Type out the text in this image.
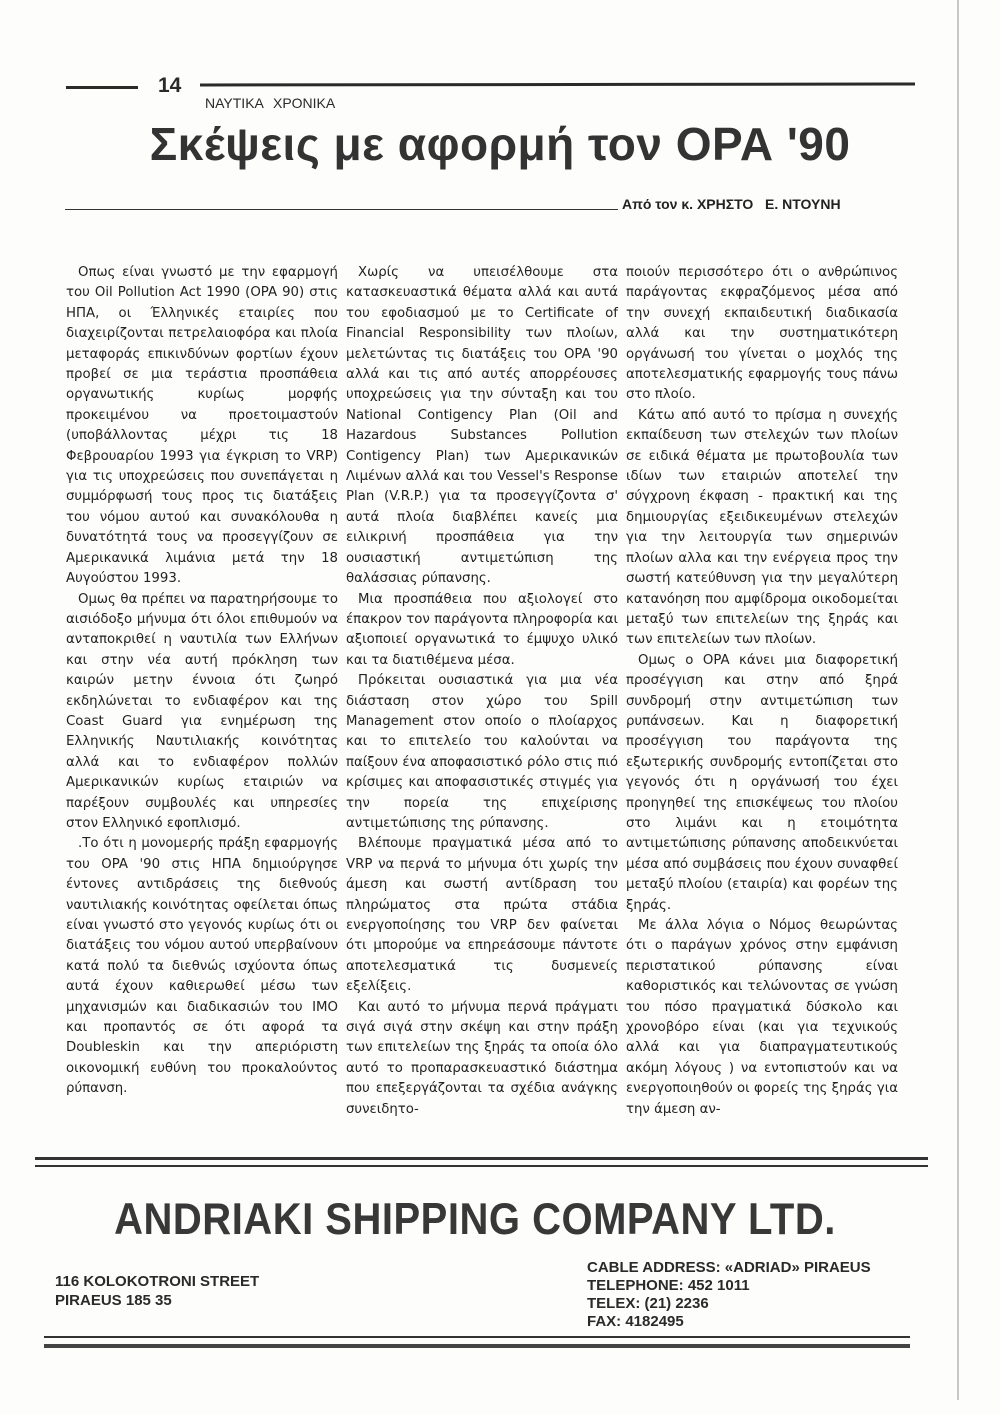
14
ΝΑΥΤΙΚΑ ΧΡΟΝΙΚΑ
Σκέψεις με αφορμή τον ΟΡΑ '90
Από τον κ. ΧΡΗΣΤΟ   Ε. ΝΤΟΥΝΗ

Οπως είναι γνωστό με την εφαρμογή του Oil Pollution Act 1990 (OPA 90) στις ΗΠΑ, οι Έλληνικές εταιρίες που διαχειρίζονται πετρελαιοφόρα και πλοία μεταφοράς επικινδύνων φορτίων έχουν προβεί σε μια τεράστια προσπάθεια οργανωτικής κυρίως μορφής προκειμένου να προετοιμαστούν (υποβάλλοντας μέχρι τις 18 Φεβρουαρίου 1993 για έγκριση το VRP) για τις υποχρεώσεις που συνεπάγεται η συμμόρφωσή τους προς τις διατάξεις του νόμου αυτού και συνακόλουθα η δυνατότητά τους να προσεγγίζουν σε Αμερικανικά λιμάνια μετά την 18 Αυγούστου 1993.

Ομως θα πρέπει να παρατηρήσουμε το αισιόδοξο μήνυμα ότι όλοι επιθυμούν να ανταποκριθεί η ναυτιλία των Ελλήνων και στην νέα αυτή πρόκληση των καιρών μετην έννοια ότι ζωηρό εκδηλώνεται το ενδιαφέρον και της Coast Guard για ενημέρωση της Ελληνικής Ναυτιλιακής κοινότητας αλλά και το ενδιαφέρον πολλών Αμερικανικών κυρίως εταιριών να παρέξουν συμβουλές και υπηρεσίες στον Ελληνικό εφοπλισμό.

.Το ότι η μονομερής πράξη εφαρμογής του OPA '90 στις ΗΠΑ δημιούργησε έντονες αντιδράσεις της διεθνούς ναυτιλιακής κοινότητας οφείλεται όπως είναι γνωστό στο γεγονός κυρίως ότι οι διατάξεις του νόμου αυτού υπερβαίνουν κατά πολύ τα διεθνώς ισχύοντα όπως αυτά έχουν καθιερωθεί μέσω των μηχανισμών και διαδικασιών του IMO και προπαντός σε ότι αφορά τα Doubleskin και την απεριόριστη οικονομική ευθύνη του προκαλούντος ρύπανση.

Χωρίς να υπεισέλθουμε στα κατασκευαστικά θέματα αλλά και αυτά του εφοδιασμού με το Certificate of Financial Responsibility των πλοίων, μελετώντας τις διατάξεις του OPA '90 αλλά και τις από αυτές απορρέουσες υποχρεώσεις για την σύνταξη και του National Contigency Plan (Oil and Hazardous Substances Pollution Contigency Plan) των Αμερικανικών Λιμένων αλλά και του Vessel's Response Plan (V.R.P.) για τα προσεγγίζοντα σ' αυτά πλοία διαβλέπει κανείς μια ειλικρινή προσπάθεια για την ουσιαστική αντιμετώπιση της θαλάσσιας ρύπανσης.

Μια προσπάθεια που αξιολογεί στο έπακρον τον παράγοντα πληροφορία και αξιοποιεί οργανωτικά το έμψυχο υλικό και τα διατιθέμενα μέσα.

Πρόκειται ουσιαστικά για μια νέα διάσταση στον χώρο του Spill Management στον οποίο ο πλοίαρχος και το επιτελείο του καλούνται να παίξουν ένα αποφασιστικό ρόλο στις πιό κρίσιμες και αποφασιστικές στιγμές για την πορεία της επιχείρισης αντιμετώπισης της ρύπανσης.

Βλέπουμε πραγματικά μέσα από το VRP να περνά το μήνυμα ότι χωρίς την άμεση και σωστή αντίδραση του πληρώματος στα πρώτα στάδια ενεργοποίησης του VRP δεν φαίνεται ότι μπορούμε να επηρεάσουμε πάντοτε αποτελεσματικά τις δυσμενείς εξελίξεις.

Και αυτό το μήνυμα περνά πράγματι σιγά σιγά στην σκέψη και στην πράξη των επιτελείων της ξηράς τα οποία όλο αυτό το προπαρασκευαστικό διάστημα που επεξεργάζονται τα σχέδια ανάγκης συνειδητο-

ποιούν περισσότερο ότι ο ανθρώπινος παράγοντας εκφραζόμενος μέσα από την συνεχή εκπαιδευτική διαδικασία αλλά και την συστηματικότερη οργάνωσή του γίνεται ο μοχλός της αποτελεσματικής εφαρμογής τους πάνω στο πλοίο.

Κάτω από αυτό το πρίσμα η συνεχής εκπαίδευση των στελεχών των πλοίων σε ειδικά θέματα με πρωτοβουλία των ιδίων των εταιριών αποτελεί την σύγχρονη έκφαση - πρακτική και της δημιουργίας εξειδικευμένων στελεχών για την λειτουργία των σημερινών πλοίων αλλα και την ενέργεια προς την σωστή κατεύθυνση για την μεγαλύτερη κατανόηση που αμφίδρομα οικοδομείται μεταξύ των επιτελείων της ξηράς και των επιτελείων των πλοίων.

Ομως ο OPA κάνει μια διαφορετική προσέγγιση και στην από ξηρά συνδρομή στην αντιμετώπιση των ρυπάνσεων. Και η διαφορετική προσέγγιση του παράγοντα της εξωτερικής συνδρομής εντοπίζεται στο γεγονός ότι η οργάνωσή του έχει προηγηθεί της επισκέψεως του πλοίου στο λιμάνι και η ετοιμότητα αντιμετώπισης ρύπανσης αποδεικνύεται μέσα από συμβάσεις που έχουν συναφθεί μεταξύ πλοίου (εταιρία) και φορέων της ξηράς.

Με άλλα λόγια ο Νόμος θεωρώντας ότι ο παράγων χρόνος στην εμφάνιση περιστατικού ρύπανσης είναι καθοριστικός και τελώνοντας σε γνώση του πόσο πραγματικά δύσκολο και χρονοβόρο είναι (και για τεχνικούς αλλά και για διαπραγματευτικούς ακόμη λόγους ) να εντοπιστούν και να ενεργοποιηθούν οι φορείς της ξηράς για την άμεση αν-

ANDRIAKI SHIPPING COMPANY LTD.
116 KOLOKOTRONI STREET
PIRAEUS 185 35
CABLE ADDRESS: «ADRIAD» PIRAEUS
TELEPHONE: 452 1011
TELEX: (21) 2236
FAX: 4182495
